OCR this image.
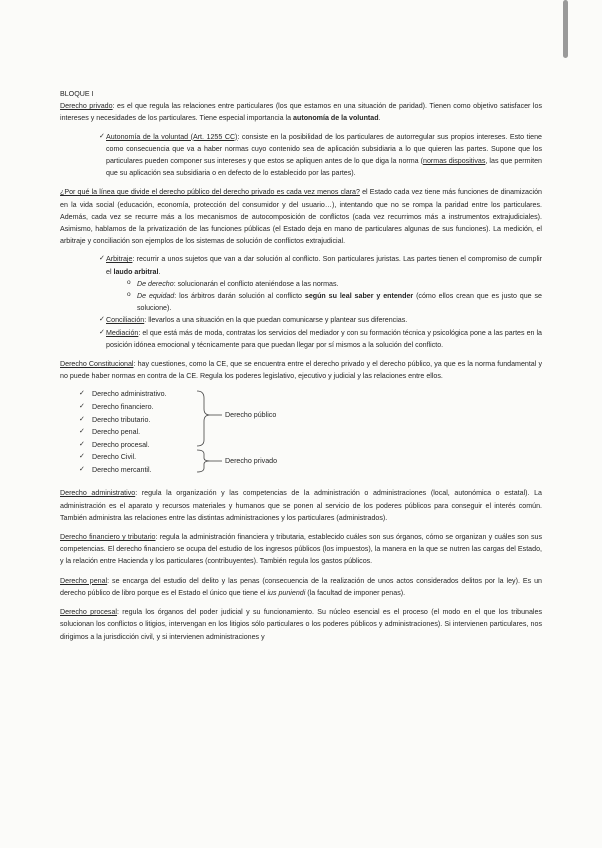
BLOQUE I

Derecho privado: es el que regula las relaciones entre particulares (los que estamos en una situación de paridad). Tienen como objetivo satisfacer los intereses y necesidades de los particulares. Tiene especial importancia la autonomía de la voluntad.

✓ Autonomía de la voluntad (Art. 1255 CC): consiste en la posibilidad de los particulares de autorregular sus propios intereses. Esto tiene como consecuencia que va a haber normas cuyo contenido sea de aplicación subsidiaria a lo que quieren las partes. Supone que los particulares pueden componer sus intereses y que estos se apliquen antes de lo que diga la norma (normas dispositivas, las que permiten que su aplicación sea subsidiaria o en defecto de lo establecido por las partes).

¿Por qué la línea que divide el derecho público del derecho privado es cada vez menos clara? el Estado cada vez tiene más funciones de dinamización en la vida social (educación, economía, protección del consumidor y del usuario…), intentando que no se rompa la paridad entre los particulares. Además, cada vez se recurre más a los mecanismos de autocomposición de conflictos (cada vez recurrimos más a instrumentos extrajudiciales). Asimismo, hablamos de la privatización de las funciones públicas (el Estado deja en mano de particulares algunas de sus funciones). La medición, el arbitraje y conciliación son ejemplos de los sistemas de solución de conflictos extrajudicial.

✓ Arbitraje: recurrir a unos sujetos que van a dar solución al conflicto. Son particulares juristas. Las partes tienen el compromiso de cumplir el laudo arbitral.

o De derecho: solucionarán el conflicto ateniéndose a las normas.

o De equidad: los árbitros darán solución al conflicto según su leal saber y entender (cómo ellos crean que es justo que se solucione).

✓ Conciliación: llevarlos a una situación en la que puedan comunicarse y plantear sus diferencias.

✓ Mediación: el que está más de moda, contratas los servicios del mediador y con su formación técnica y psicológica pone a las partes en la posición idónea emocional y técnicamente para que puedan llegar por sí mismos a la solución del conflicto.

Derecho Constitucional: hay cuestiones, como la CE, que se encuentra entre el derecho privado y el derecho público, ya que es la norma fundamental y no puede haber normas en contra de la CE. Regula los poderes legislativo, ejecutivo y judicial y las relaciones entre ellos.

✓ Derecho administrativo.
✓ Derecho financiero.
✓ Derecho tributario.
✓ Derecho penal.
✓ Derecho procesal.
✓ Derecho Civil.
✓ Derecho mercantil.
Derecho público
Derecho privado

Derecho administrativo: regula la organización y las competencias de la administración o administraciones (local, autonómica o estatal). La administración es el aparato y recursos materiales y humanos que se ponen al servicio de los poderes públicos para conseguir el interés común. También administra las relaciones entre las distintas administraciones y los particulares (administrados).

Derecho financiero y tributario: regula la administración financiera y tributaria, establecido cuáles son sus órganos, cómo se organizan y cuáles son sus competencias. El derecho financiero se ocupa del estudio de los ingresos públicos (los impuestos), la manera en la que se nutren las cargas del Estado, y la relación entre Hacienda y los particulares (contribuyentes). También regula los gastos públicos.

Derecho penal: se encarga del estudio del delito y las penas (consecuencia de la realización de unos actos considerados delitos por la ley). Es un derecho público de libro porque es el Estado el único que tiene el ius puniendi (la facultad de imponer penas).

Derecho procesal: regula los órganos del poder judicial y su funcionamiento. Su núcleo esencial es el proceso (el modo en el que los tribunales solucionan los conflictos o litigios, intervengan en los litigios sólo particulares o los poderes públicos y administraciones). Si intervienen particulares, nos dirigimos a la jurisdicción civil, y si intervienen administraciones y
